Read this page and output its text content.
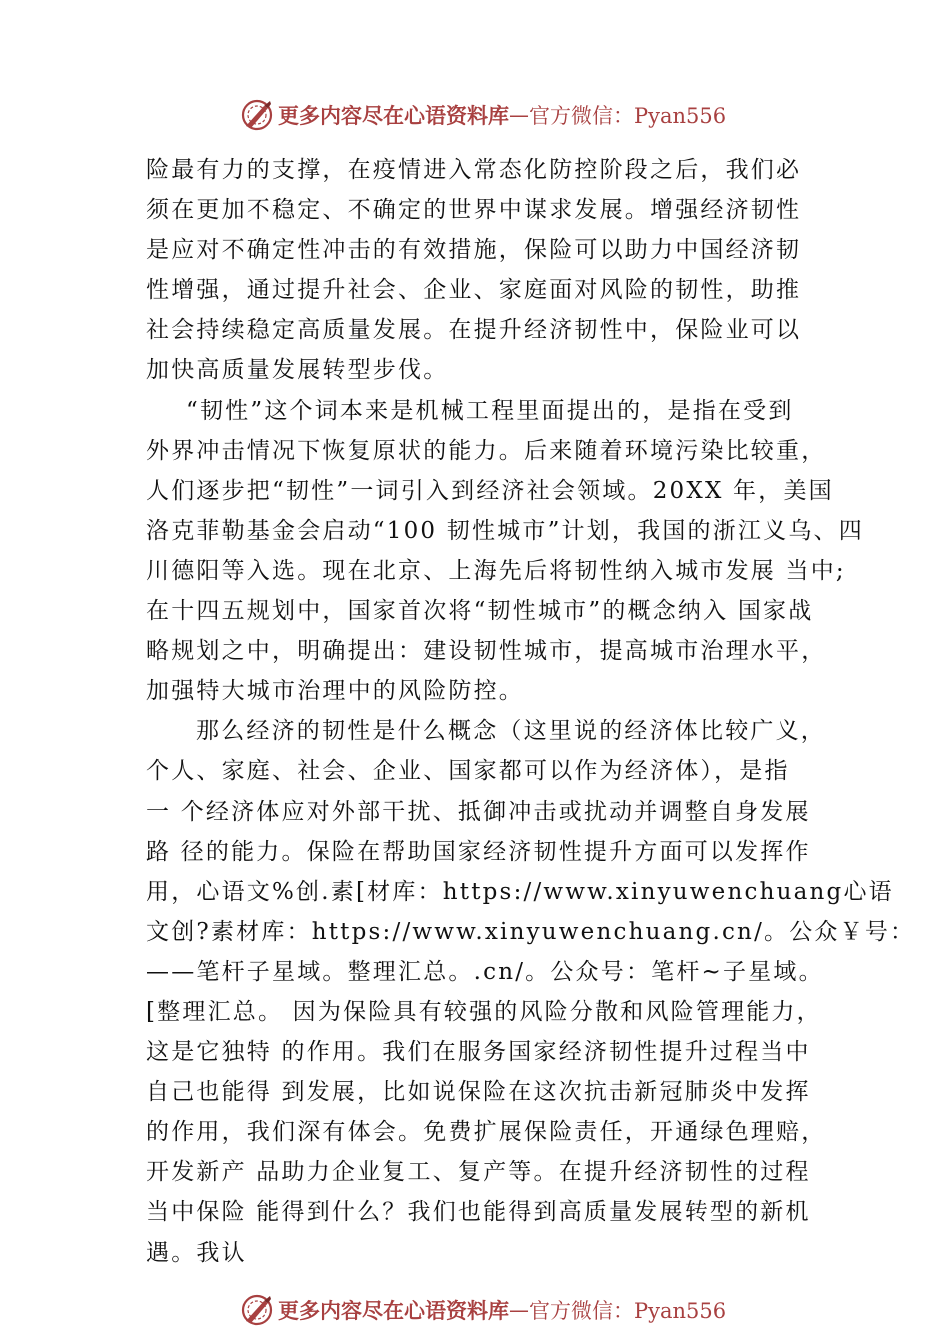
更多内容尽在心语资料库 — 官方微信：Pyan556
险最有力的支撑，在疫情进入常态化防控阶段之后，我们必
须在更加不稳定、不确定的世界中谋求发展。增强经济韧性
是应对不确定性冲击的有效措施，保险可以助力中国经济韧
性增强，通过提升社会、企业、家庭面对风险的韧性，助推
社会持续稳定高质量发展。在提升经济韧性中，保险业可以
加快高质量发展转型步伐。
“韧性”这个词本来是机械工程里面提出的，是指在受到
外界冲击情况下恢复原状的能力。后来随着环境污染比较重，
人们逐步把“韧性”一词引入到经济社会领域。20XX 年，美国
洛克菲勒基金会启动“100 韧性城市”计划，我国的浙江义乌、四
川德阳等入选。现在北京、上海先后将韧性纳入城市发展 当中;
在十四五规划中，国家首次将“韧性城市”的概念纳入 国家战
略规划之中，明确提出：建设韧性城市，提高城市治理水平，
加强特大城市治理中的风险防控。
那么经济的韧性是什么概念（这里说的经济体比较广义，
个人、家庭、社会、企业、国家都可以作为经济体），是指
一 个经济体应对外部干扰、抵御冲击或扰动并调整自身发展
路 径的能力。保险在帮助国家经济韧性提升方面可以发挥作
用，心语文%创.素[材库：https://www.xinyuwenchuang心语
文创?素材库：https://www.xinyuwenchuang.cn/。公众￥号：
——笔杆子星域。整理汇总。.cn/。公众号：笔杆~子星域。
[整理汇总。 因为保险具有较强的风险分散和风险管理能力，
这是它独特 的作用。我们在服务国家经济韧性提升过程当中
自己也能得 到发展，比如说保险在这次抗击新冠肺炎中发挥
的作用，我们深有体会。免费扩展保险责任，开通绿色理赔，
开发新产 品助力企业复工、复产等。在提升经济韧性的过程
当中保险 能得到什么？我们也能得到高质量发展转型的新机
遇。我认
更多内容尽在心语资料库 — 官方微信：Pyan556
